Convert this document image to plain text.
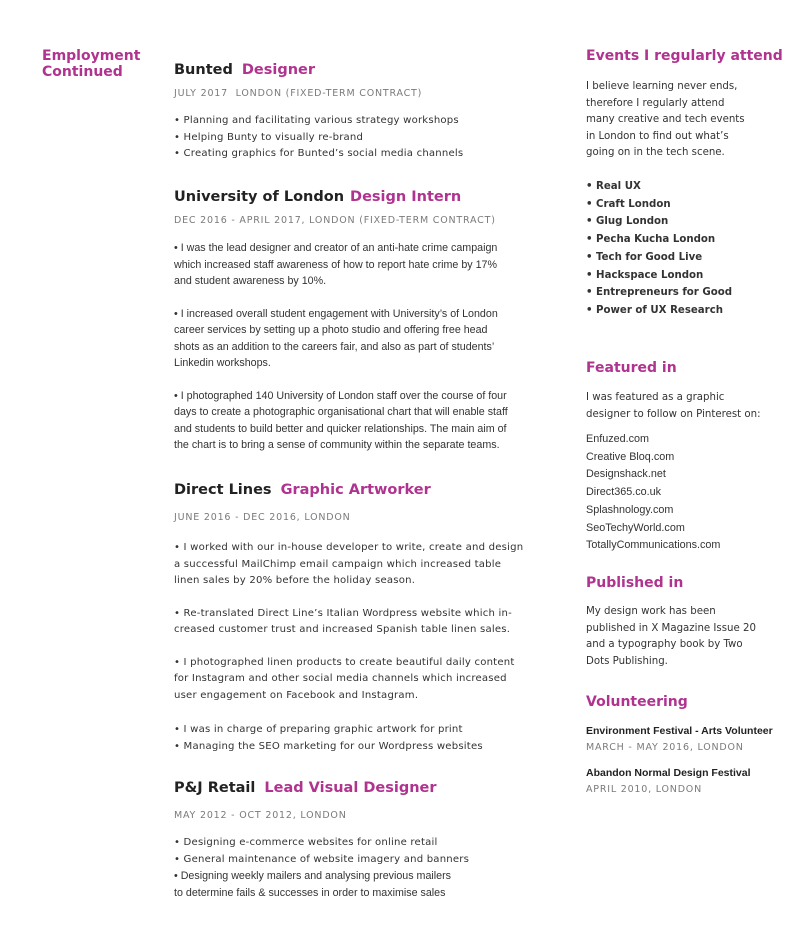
Employment
Continued	Bunted Designer
JULY 2017  LONDON (FIXED-TERM CONTRACT)

• Planning and facilitating various strategy workshops

• Helping Bunty to visually re-brand

• Creating graphics for Bunted’s social media channels

University of London Design Intern
DEC 2016 - APRIL 2017, LONDON (FIXED-TERM CONTRACT)

• I was the lead designer and creator of an anti-hate crime campaign

which increased staff awareness of how to report hate crime by 17%

and student awareness by 10%.

• I increased overall student engagement with University’s of London

career services by setting up a photo studio and offering free head

shots as an addition to the careers fair, and also as part of students’

Linkedin workshops.

• I photographed 140 University of London staff over the course of four

days to create a photographic organisational chart that will enable staff

and students to build better and quicker relationships. The main aim of

the chart is to bring a sense of community within the separate teams.

Direct Lines Graphic Artworker
JUNE 2016 - DEC 2016, LONDON

• I worked with our in-house developer to write, create and design

a successful MailChimp email campaign which increased table

linen sales by 20% before the holiday season.

• Re-translated Direct Line’s Italian Wordpress website which in-

creased customer trust and increased Spanish table linen sales.

• I photographed linen products to create beautiful daily content

for Instagram and other social media channels which increased

user engagement on Facebook and Instagram.

• I was in charge of preparing graphic artwork for print

• Managing the SEO marketing for our Wordpress websites

P&J Retail Lead Visual Designer
MAY 2012 - OCT 2012, LONDON

• Designing e-commerce websites for online retail

• General maintenance of website imagery and banners

• Designing weekly mailers and analysing previous mailers

to determine fails & successes in order to maximise sales

Events I regularly attend

I believe learning never ends,

therefore I regularly attend

many creative and tech events

in London to find out what’s

going on in the tech scene.

• Real UX
• Craft London
• Glug London
• Pecha Kucha London
• Tech for Good Live
• Hackspace London
• Entrepreneurs for Good
• Power of UX Research
Featured in

I was featured as a graphic

designer to follow on Pinterest on:

Enfuzed.com
Creative Bloq.com
Designshack.net
Direct365.co.uk
Splashnology.com
SeoTechyWorld.com
TotallyCommunications.com
Published in

My design work has been

published in X Magazine Issue 20

and a typography book by Two

Dots Publishing.

Volunteering
Environment Festival - Arts Volunteer
MARCH - MAY 2016, LONDON
Abandon Normal Design Festival
APRIL 2010, LONDON
